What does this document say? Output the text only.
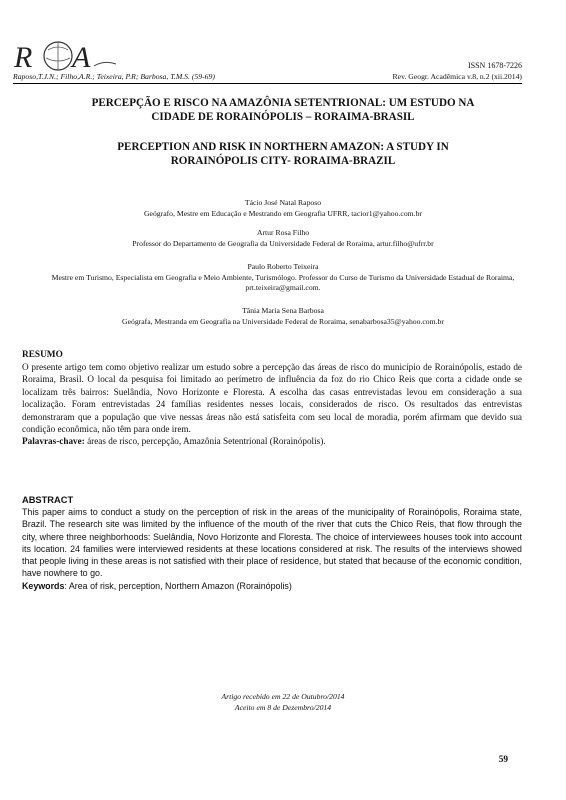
R A	ISSN 1678-7226
Raposo,T.J.N.; Filho,A.R.; Teixeira, P.R; Barbosa, T.M.S. (59-69)	Rev. Geogr. Acadêmica v.8, n.2 (xii.2014)
PERCEPÇÃO E RISCO NA AMAZÔNIA SETENTRIONAL: UM ESTUDO NA
CIDADE DE RORAINÓPOLIS – RORAIMA-BRASIL
PERCEPTION AND RISK IN NORTHERN AMAZON: A STUDY IN
RORAINÓPOLIS CITY- RORAIMA-BRAZIL
Tácio José Natal Raposo
Geógrafo, Mestre em Educação e Mestrando em Geografia UFRR, tacior1@yahoo.com.br
Artur Rosa Filho
Professor do Departamento de Geografia da Universidade Federal de Roraima, artur.filho@ufrr.br
Paulo Roberto Teixeira
Mestre em Turismo, Especialista em Geografia e Meio Ambiente, Turismólogo. Professor do Curso de Turismo da Universidade Estadual de Roraima, prt.teixeira@gmail.com.
Tânia Maria Sena Barbosa
Geógrafa, Mestranda em Geografia na Universidade Federal de Roraima, senabarbosa35@yahoo.com.br
RESUMO

O presente artigo tem como objetivo realizar um estudo sobre a percepção das áreas de risco do município de Rorainópolis, estado de Roraima, Brasil. O local da pesquisa foi limitado ao perímetro de influência da foz do rio Chico Reis que corta a cidade onde se localizam três bairros: Suelândia, Novo Horizonte e Floresta. A escolha das casas entrevistadas levou em consideração a sua localização. Foram entrevistadas 24 famílias residentes nesses locais, considerados de risco. Os resultados das entrevistas demonstraram que a população que vive nessas áreas não está satisfeita com seu local de moradia, porém afirmam que devido sua condição econômica, não têm para onde irem.

Palavras-chave: áreas de risco, percepção, Amazônia Setentrional (Rorainópolis).

ABSTRACT

This paper aims to conduct a study on the perception of risk in the areas of the municipality of Rorainópolis, Roraima state, Brazil. The research site was limited by the influence of the mouth of the river that cuts the Chico Reis, that flow through the city, where three neighborhoods: Suelândia, Novo Horizonte and Floresta. The choice of interviewees houses took into account its location. 24 families were interviewed residents at these locations considered at risk. The results of the interviews showed that people living in these areas is not satisfied with their place of residence, but stated that because of the economic condition, have nowhere to go.

Keywords: Area of risk, perception, Northern Amazon (Rorainópolis)

Artigo recebido em 22 de Outubro/2014
Aceito em 8 de Dezembro/2014
59
